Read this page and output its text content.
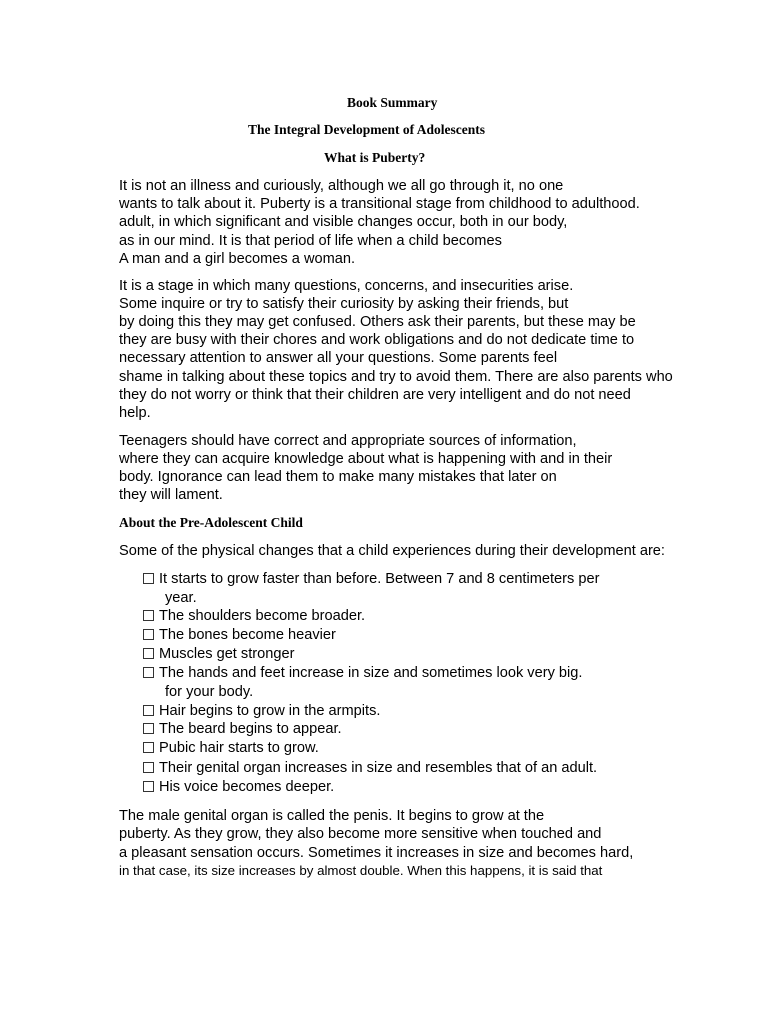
Book Summary
The Integral Development of Adolescents
What is Puberty?
It is not an illness and curiously, although we all go through it, no one
wants to talk about it. Puberty is a transitional stage from childhood to adulthood.
adult, in which significant and visible changes occur, both in our body,
as in our mind. It is that period of life when a child becomes
A man and a girl becomes a woman.
It is a stage in which many questions, concerns, and insecurities arise.
Some inquire or try to satisfy their curiosity by asking their friends, but
by doing this they may get confused. Others ask their parents, but these may be
they are busy with their chores and work obligations and do not dedicate time to
necessary attention to answer all your questions. Some parents feel
shame in talking about these topics and try to avoid them. There are also parents who
they do not worry or think that their children are very intelligent and do not need
help.
Teenagers should have correct and appropriate sources of information,
where they can acquire knowledge about what is happening with and in their
body. Ignorance can lead them to make many mistakes that later on
they will lament.
About the Pre-Adolescent Child
Some of the physical changes that a child experiences during their development are:
It starts to grow faster than before. Between 7 and 8 centimeters per
year.
The shoulders become broader.
The bones become heavier
Muscles get stronger
The hands and feet increase in size and sometimes look very big.
for your body.
Hair begins to grow in the armpits.
The beard begins to appear.
Pubic hair starts to grow.
Their genital organ increases in size and resembles that of an adult.
His voice becomes deeper.
The male genital organ is called the penis. It begins to grow at the
puberty. As they grow, they also become more sensitive when touched and
a pleasant sensation occurs. Sometimes it increases in size and becomes hard,
in that case, its size increases by almost double. When this happens, it is said that
